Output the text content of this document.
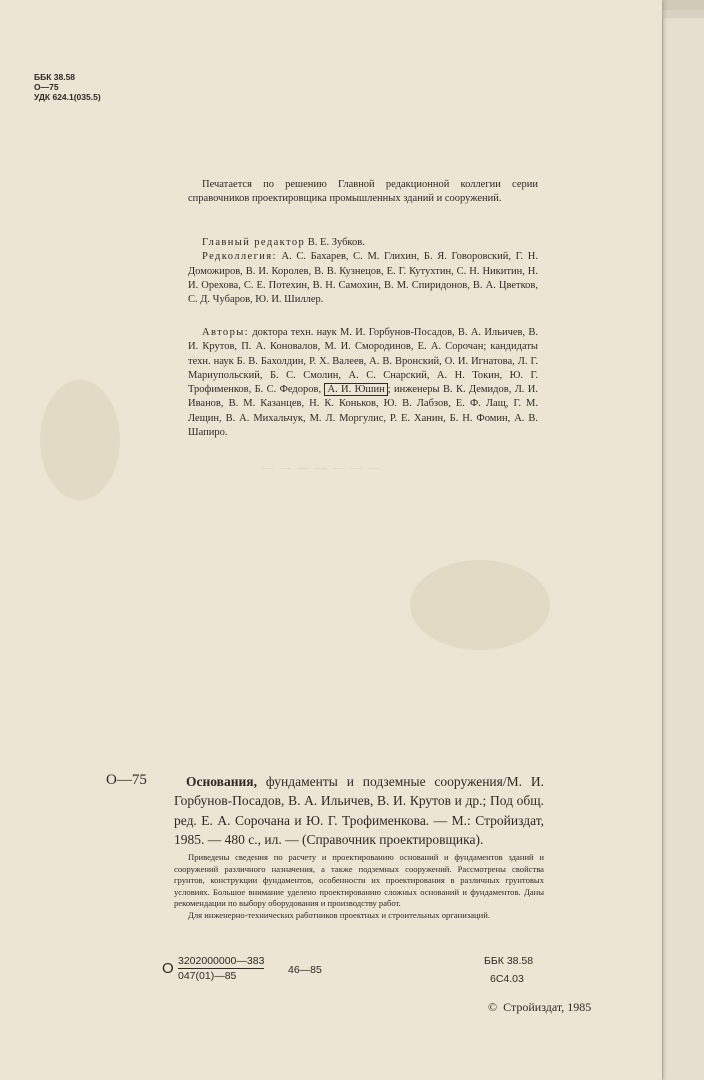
ББК 38.58
О—75
УДК 624.1(035.5)

Печатается по решению Главной редакционной коллегии серии справочников проектировщика промышленных зданий и сооружений.

Главный редактор В. Е. Зубков.

Редколлегия: А. С. Бахарев, С. М. Глихин, Б. Я. Говоровский, Г. Н. Доможиров, В. И. Королев, В. В. Кузнецов, Е. Г. Кутухтин, С. Н. Никитин, Н. И. Орехова, С. Е. Потехин, В. Н. Самохин, В. М. Спиридонов, В. А. Цветков, С. Д. Чубаров, Ю. И. Шиллер.

Авторы: доктора техн. наук М. И. Горбунов-Посадов, В. А. Ильичев, В. И. Крутов, П. А. Коновалов, М. И. Смородинов, Е. А. Сорочан; кандидаты техн. наук Б. В. Бахолдин, Р. Х. Валеев, А. В. Вронский, О. И. Игнатова, Л. Г. Мариупольский, Б. С. Смолин, А. С. Снарский, А. Н. Токин, Ю. Г. Трофименков, Б. С. Федоров, А. И. Юшин ; инженеры В. К. Демидов, Л. И. Иванов, В. М. Казанцев, Н. К. Коньков, Ю. В. Лабзов, Е. Ф. Лащ, Г. М. Лещин, В. А. Михальчук, М. Л. Моргулис, Р. Е. Ханин, Б. Н. Фомин, А. В. Шапиро.

— — — — — — —
О—75	Основания, фундаменты и подземные сооружения/М. И. Горбунов-Посадов, В. А. Ильичев, В. И. Крутов и др.; Под общ. ред. Е. А. Сорочана и Ю. Г. Трофименкова. — М.: Стройиздат, 1985. — 480 с., ил. — (Справочник проектировщика).

Приведены сведения по расчету и проектированию оснований и фундаментов зданий и сооружений различного назначения, а также подземных сооружений. Рассмотрены свойства грунтов, конструкции фундаментов, особенности их проектирования в различных грунтовых условиях. Большое внимание уделено проектированию сложных оснований и фундаментов. Даны рекомендации по выбору оборудования и производству работ.

Для инженерно-технических работников проектных и строительных организаций.

О $\frac{3202000000—383}{047(01)—85}$ 46—85
ББК 38.58
6С4.03
© Стройиздат, 1985
